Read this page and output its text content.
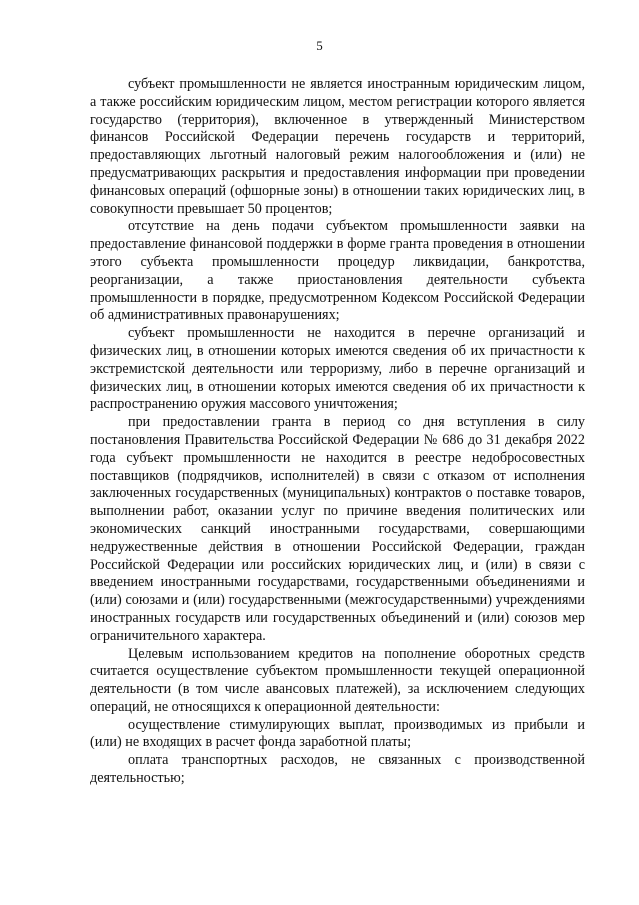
5

субъект промышленности не является иностранным юридическим лицом, а также российским юридическим лицом, местом регистрации которого является государство (территория), включенное в утвержденный Министерством финансов Российской Федерации перечень государств и территорий, предоставляющих льготный налоговый режим налогообложения и (или) не предусматривающих раскрытия и предоставления информации при проведении финансовых операций (офшорные зоны) в отношении таких юридических лиц, в совокупности превышает 50 процентов;

отсутствие на день подачи субъектом промышленности заявки на предоставление финансовой поддержки в форме гранта проведения в отношении этого субъекта промышленности процедур ликвидации, банкротства, реорганизации, а также приостановления деятельности субъекта промышленности в порядке, предусмотренном Кодексом Российской Федерации об административных правонарушениях;

субъект промышленности не находится в перечне организаций и физических лиц, в отношении которых имеются сведения об их причастности к экстремистской деятельности или терроризму, либо в перечне организаций и физических лиц, в отношении которых имеются сведения об их причастности к распространению оружия массового уничтожения;

при предоставлении гранта в период со дня вступления в силу постановления Правительства Российской Федерации № 686 до 31 декабря 2022 года субъект промышленности не находится в реестре недобросовестных поставщиков (подрядчиков, исполнителей) в связи с отказом от исполнения заключенных государственных (муниципальных) контрактов о поставке товаров, выполнении работ, оказании услуг по причине введения политических или экономических санкций иностранными государствами, совершающими недружественные действия в отношении Российской Федерации, граждан Российской Федерации или российских юридических лиц, и (или) в связи с введением иностранными государствами, государственными объединениями и (или) союзами и (или) государственными (межгосударственными) учреждениями иностранных государств или государственных объединений и (или) союзов мер ограничительного характера.

Целевым использованием кредитов на пополнение оборотных средств считается осуществление субъектом промышленности текущей операционной деятельности (в том числе авансовых платежей), за исключением следующих операций, не относящихся к операционной деятельности:

осуществление стимулирующих выплат, производимых из прибыли и (или) не входящих в расчет фонда заработной платы;

оплата транспортных расходов, не связанных с производственной деятельностью;
